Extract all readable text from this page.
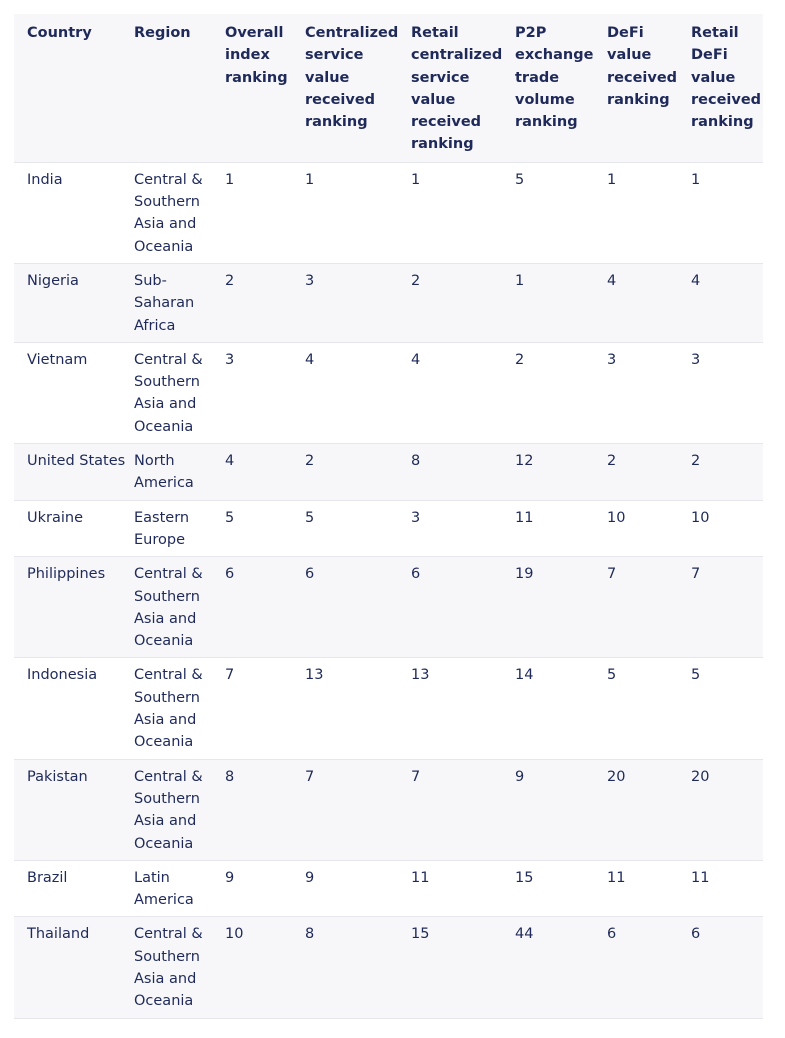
Country	Region	Overall index ranking	Centralized service value received ranking	Retail centralized service value received ranking	P2P exchange trade volume ranking	DeFi value received ranking	Retail DeFi value received ranking

India	Central & Southern Asia and Oceania	1	1	1	5	1	1

Nigeria	Sub-Saharan Africa	2	3	2	1	4	4

Vietnam	Central & Southern Asia and Oceania	3	4	4	2	3	3

United States	North America	4	2	8	12	2	2

Ukraine	Eastern Europe	5	5	3	11	10	10

Philippines	Central & Southern Asia and Oceania	6	6	6	19	7	7

Indonesia	Central & Southern Asia and Oceania	7	13	13	14	5	5

Pakistan	Central & Southern Asia and Oceania	8	7	7	9	20	20

Brazil	Latin America	9	9	11	15	11	11

Thailand	Central & Southern Asia and Oceania	10	8	15	44	6	6
